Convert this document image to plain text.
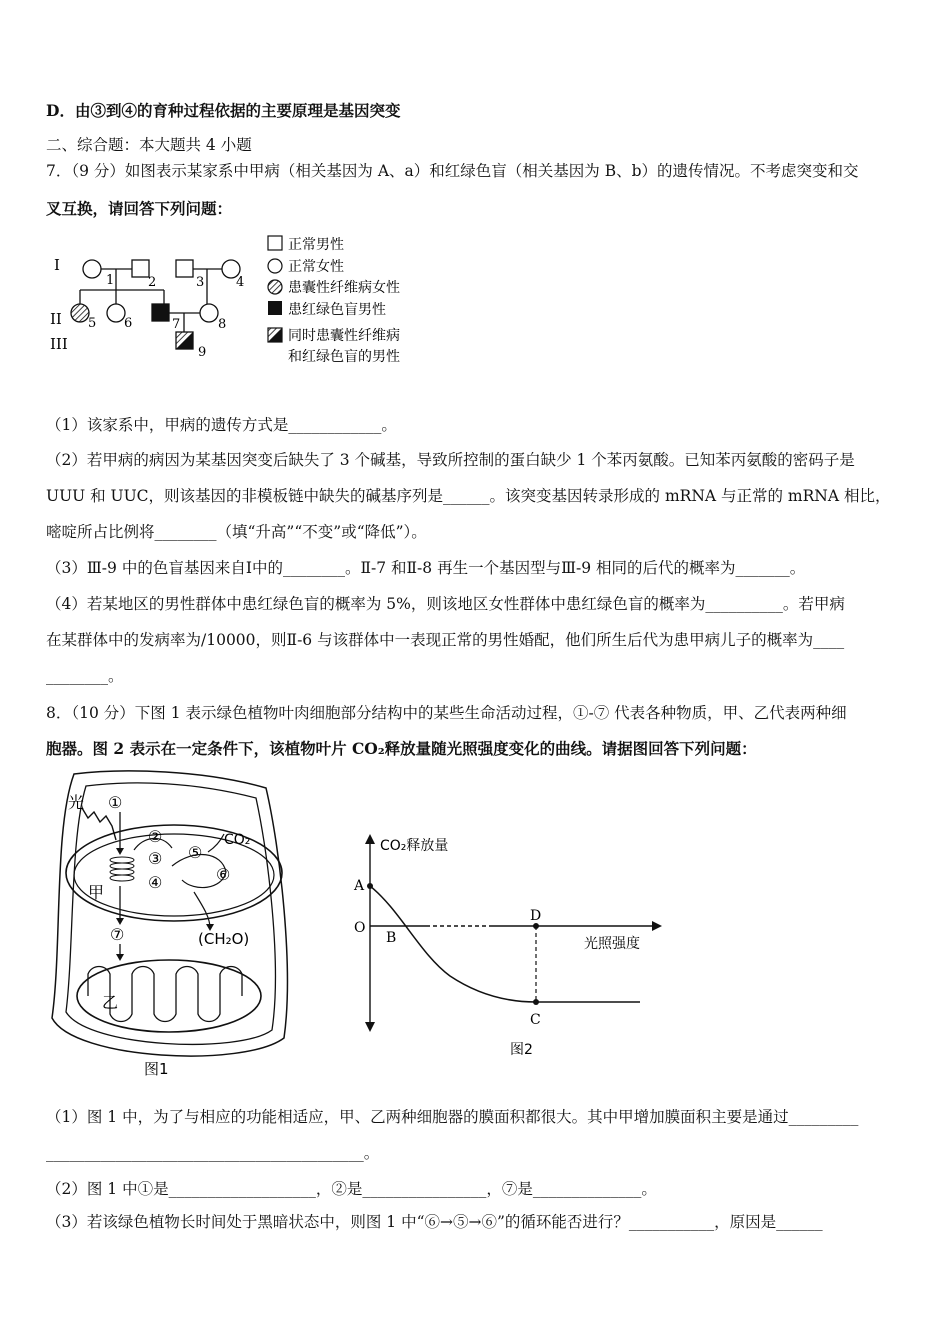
D．由③到④的育种过程依据的主要原理是基因突变
二、综合题：本大题共 4 小题
7．（9 分）如图表示某家系中甲病（相关基因为 A、a）和红绿色盲（相关基因为 B、b）的遗传情况。不考虑突变和交
叉互换，请回答下列问题：
I
II
III
1	2	3 4
5 6	7	8
9
正常男性
正常女性
患囊性纤维病女性
患红绿色盲男性
同时患囊性纤维病
和红绿色盲的男性
（1）该家系中，甲病的遗传方式是____________。
（2）若甲病的病因为某基因突变后缺失了 3 个碱基，导致所控制的蛋白缺少 1 个苯丙氨酸。已知苯丙氨酸的密码子是
UUU 和 UUC，则该基因的非模板链中缺失的碱基序列是______。该突变基因转录形成的 mRNA 与正常的 mRNA 相比，
嘧啶所占比例将________（填“升高”“不变”或“降低”）。
（3）Ⅲ-9 中的色盲基因来自Ⅰ中的________。Ⅱ-7 和Ⅱ-8 再生一个基因型与Ⅲ-9 相同的后代的概率为_______。
（4）若某地区的男性群体中患红绿色盲的概率为 5%，则该地区女性群体中患红绿色盲的概率为__________。若甲病
在某群体中的发病率为/10000，则Ⅱ-6 与该群体中一表现正常的男性婚配，他们所生后代为患甲病儿子的概率为____
________。
8．（10 分）下图 1 表示绿色植物叶肉细胞部分结构中的某些生命活动过程，①-⑦ 代表各种物质，甲、乙代表两种细
胞器。图 2 表示在一定条件下，该植物叶片 CO₂释放量随光照强度变化的曲线。请据图回答下列问题：
光 ①
②
③
④
⑤
⑥
CO₂
甲
(CH₂O)
⑦
乙
图1
CO₂释放量
光照强度
A
O
B
D
C
图2
（1）图 1 中，为了与相应的功能相适应，甲、乙两种细胞器的膜面积都很大。其中甲增加膜面积主要是通过_________
_________________________________________。
（2）图 1 中①是___________________，②是________________，⑦是______________。
（3）若该绿色植物长时间处于黑暗状态中，则图 1 中“⑥→⑤→⑥”的循环能否进行？___________，原因是______
